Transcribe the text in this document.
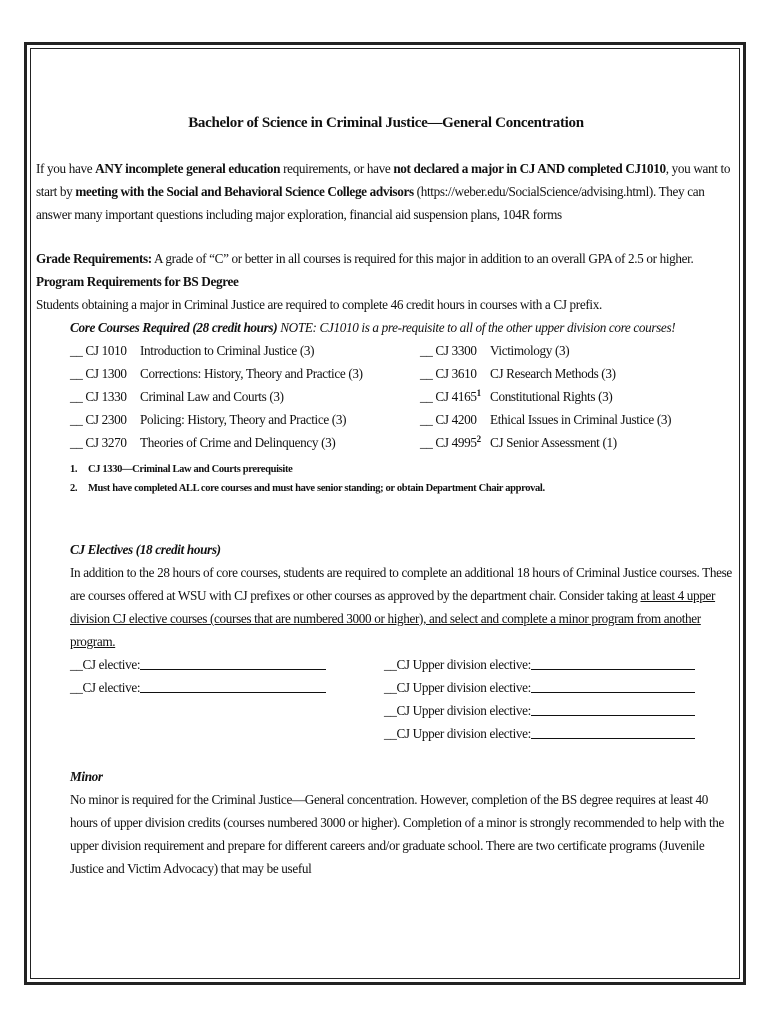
Bachelor of Science in Criminal Justice—General Concentration

If you have ANY incomplete general education requirements, or have not declared a major in CJ AND completed CJ1010, you want to start by meeting with the Social and Behavioral Science College advisors (https://weber.edu/SocialScience/advising.html). They can answer many important questions including major exploration, financial aid suspension plans, 104R forms

Grade Requirements: A grade of “C” or better in all courses is required for this major in addition to an overall GPA of 2.5 or higher.

Program Requirements for BS Degree

Students obtaining a major in Criminal Justice are required to complete 46 credit hours in courses with a CJ prefix.

Core Courses Required (28 credit hours) NOTE: CJ1010 is a pre-requisite to all of the other upper division core courses!

__ CJ 1010	Introduction to Criminal Justice (3)
__ CJ 1300	Corrections: History, Theory and Practice (3)
__ CJ 1330	Criminal Law and Courts (3)
__ CJ 2300	Policing: History, Theory and Practice (3)
__ CJ 3270	Theories of Crime and Delinquency (3)
__ CJ 3300	Victimology (3)
__ CJ 3610	CJ Research Methods (3)
__ CJ 4165$^1$ Constitutional Rights (3)
__ CJ 4200	Ethical Issues in Criminal Justice (3)
__ CJ 4995$^2$ CJ Senior Assessment (1)
1.	CJ 1330—Criminal Law and Courts prerequisite
2.	Must have completed ALL core courses and must have senior standing; or obtain Department Chair approval.

CJ Electives (18 credit hours)

In addition to the 28 hours of core courses, students are required to complete an additional 18 hours of Criminal Justice courses. These are courses offered at WSU with CJ prefixes or other courses as approved by the department chair. Consider taking at least 4 upper division CJ elective courses (courses that are numbered 3000 or higher), and select and complete a minor program from another program.

__CJ elective:
__CJ elective:
__CJ Upper division elective:
__CJ Upper division elective:
__CJ Upper division elective:
__CJ Upper division elective:

Minor

No minor is required for the Criminal Justice—General concentration. However, completion of the BS degree requires at least 40 hours of upper division credits (courses numbered 3000 or higher). Completion of a minor is strongly recommended to help with the upper division requirement and prepare for different careers and/or graduate school. There are two certificate programs (Juvenile Justice and Victim Advocacy) that may be useful
